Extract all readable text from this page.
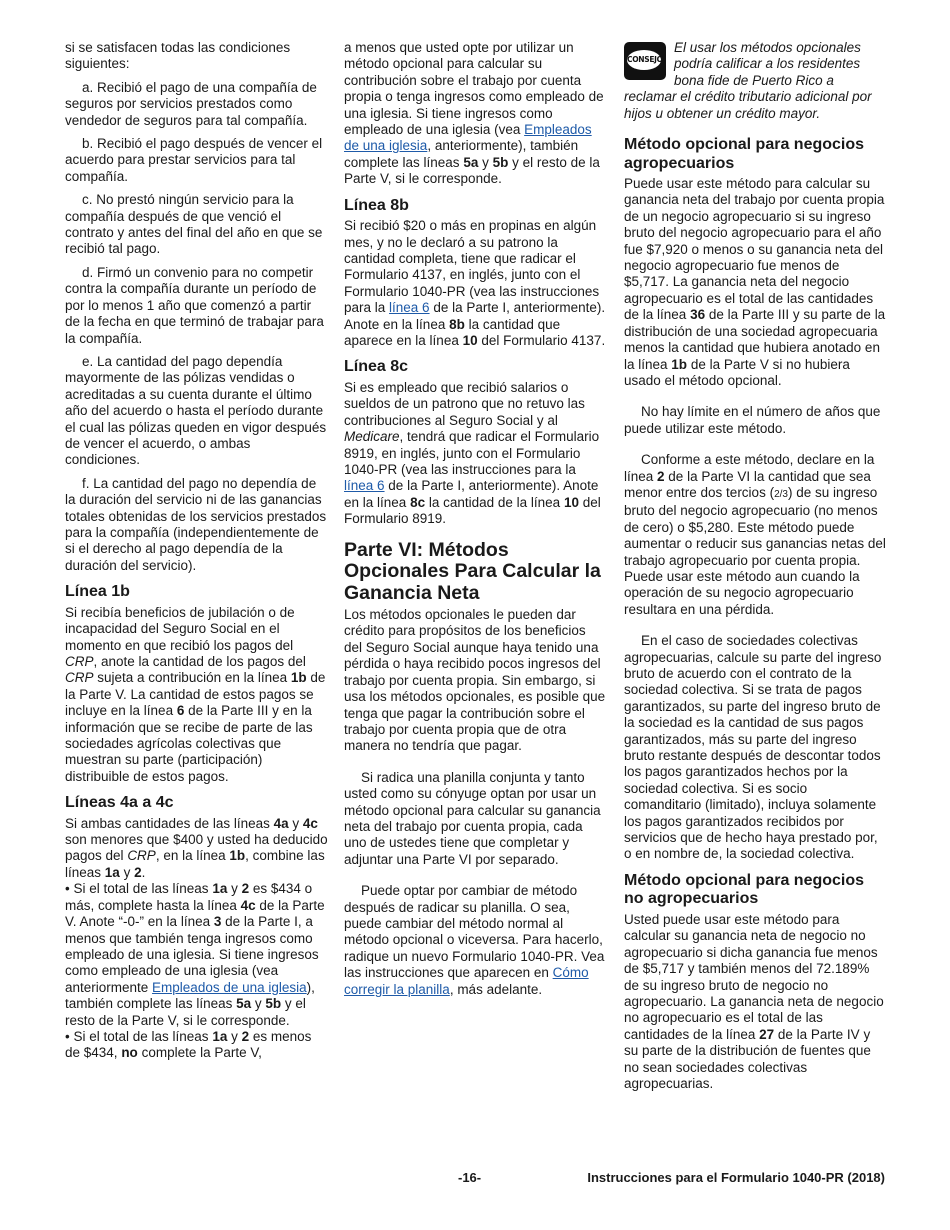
si se satisfacen todas las condiciones siguientes:

a. Recibió el pago de una compañía de seguros por servicios prestados como vendedor de seguros para tal compañía.

b. Recibió el pago después de vencer el acuerdo para prestar servicios para tal compañía.

c. No prestó ningún servicio para la compañía después de que venció el contrato y antes del final del año en que se recibió tal pago.

d. Firmó un convenio para no competir contra la compañía durante un período de por lo menos 1 año que comenzó a partir de la fecha en que terminó de trabajar para la compañía.

e. La cantidad del pago dependía mayormente de las pólizas vendidas o acreditadas a su cuenta durante el último año del acuerdo o hasta el período durante el cual las pólizas queden en vigor después de vencer el acuerdo, o ambas condiciones.

f. La cantidad del pago no dependía de la duración del servicio ni de las ganancias totales obtenidas de los servicios prestados para la compañía (independientemente de si el derecho al pago dependía de la duración del servicio).

Línea 1b

Si recibía beneficios de jubilación o de incapacidad del Seguro Social en el momento en que recibió los pagos del CRP, anote la cantidad de los pagos del CRP sujeta a contribución en la línea 1b de la Parte V. La cantidad de estos pagos se incluye en la línea 6 de la Parte III y en la información que se recibe de parte de las sociedades agrícolas colectivas que muestran su parte (participación) distribuible de estos pagos.

Líneas 4a a 4c

Si ambas cantidades de las líneas 4a y 4c son menores que $400 y usted ha deducido pagos del CRP, en la línea 1b, combine las líneas 1a y 2.

• Si el total de las líneas 1a y 2 es $434 o más, complete hasta la línea 4c de la Parte V. Anote “-0-” en la línea 3 de la Parte I, a menos que también tenga ingresos como empleado de una iglesia. Si tiene ingresos como empleado de una iglesia (vea anteriormente Empleados de una iglesia), también complete las líneas 5a y 5b y el resto de la Parte V, si le corresponde.

• Si el total de las líneas 1a y 2 es menos de $434, no complete la Parte V,

a menos que usted opte por utilizar un método opcional para calcular su contribución sobre el trabajo por cuenta propia o tenga ingresos como empleado de una iglesia. Si tiene ingresos como empleado de una iglesia (vea Empleados de una iglesia, anteriormente), también complete las líneas 5a y 5b y el resto de la Parte V, si le corresponde.

Línea 8b

Si recibió $20 o más en propinas en algún mes, y no le declaró a su patrono la cantidad completa, tiene que radicar el Formulario 4137, en inglés, junto con el Formulario 1040-PR (vea las instrucciones para la línea 6 de la Parte I, anteriormente). Anote en la línea 8b la cantidad que aparece en la línea 10 del Formulario 4137.

Línea 8c

Si es empleado que recibió salarios o sueldos de un patrono que no retuvo las contribuciones al Seguro Social y al Medicare, tendrá que radicar el Formulario 8919, en inglés, junto con el Formulario 1040-PR (vea las instrucciones para la línea 6 de la Parte I, anteriormente). Anote en la línea 8c la cantidad de la línea 10 del Formulario 8919.

Parte VI: Métodos Opcionales Para Calcular la Ganancia Neta

Los métodos opcionales le pueden dar crédito para propósitos de los beneficios del Seguro Social aunque haya tenido una pérdida o haya recibido pocos ingresos del trabajo por cuenta propia. Sin embargo, si usa los métodos opcionales, es posible que tenga que pagar la contribución sobre el trabajo por cuenta propia que de otra manera no tendría que pagar.

Si radica una planilla conjunta y tanto usted como su cónyuge optan por usar un método opcional para calcular su ganancia neta del trabajo por cuenta propia, cada uno de ustedes tiene que completar y adjuntar una Parte VI por separado.

Puede optar por cambiar de método después de radicar su planilla. O sea, puede cambiar del método normal al método opcional o viceversa. Para hacerlo, radique un nuevo Formulario 1040-PR. Vea las instrucciones que aparecen en Cómo corregir la planilla, más adelante.

CONSEJO
El usar los métodos opcionales podría calificar a los residentes bona fide de Puerto Rico a reclamar el crédito tributario adicional por hijos u obtener un crédito mayor.
Método opcional para negocios agropecuarios

Puede usar este método para calcular su ganancia neta del trabajo por cuenta propia de un negocio agropecuario si su ingreso bruto del negocio agropecuario para el año fue $7,920 o menos o su ganancia neta del negocio agropecuario fue menos de $5,717. La ganancia neta del negocio agropecuario es el total de las cantidades de la línea 36 de la Parte III y su parte de la distribución de una sociedad agropecuaria menos la cantidad que hubiera anotado en la línea 1b de la Parte V si no hubiera usado el método opcional.

No hay límite en el número de años que puede utilizar este método.

Conforme a este método, declare en la línea 2 de la Parte VI la cantidad que sea menor entre dos tercios (2/3) de su ingreso bruto del negocio agropecuario (no menos de cero) o $5,280. Este método puede aumentar o reducir sus ganancias netas del trabajo agropecuario por cuenta propia. Puede usar este método aun cuando la operación de su negocio agropecuario resultara en una pérdida.

En el caso de sociedades colectivas agropecuarias, calcule su parte del ingreso bruto de acuerdo con el contrato de la sociedad colectiva. Si se trata de pagos garantizados, su parte del ingreso bruto de la sociedad es la cantidad de sus pagos garantizados, más su parte del ingreso bruto restante después de descontar todos los pagos garantizados hechos por la sociedad colectiva. Si es socio comanditario (limitado), incluya solamente los pagos garantizados recibidos por servicios que de hecho haya prestado por, o en nombre de, la sociedad colectiva.

Método opcional para negocios no agropecuarios

Usted puede usar este método para calcular su ganancia neta de negocio no agropecuario si dicha ganancia fue menos de $5,717 y también menos del 72.189% de su ingreso bruto de negocio no agropecuario. La ganancia neta de negocio no agropecuario es el total de las cantidades de la línea 27 de la Parte IV y su parte de la distribución de fuentes que no sean sociedades colectivas agropecuarias.

-16-	Instrucciones para el Formulario 1040-PR (2018)
